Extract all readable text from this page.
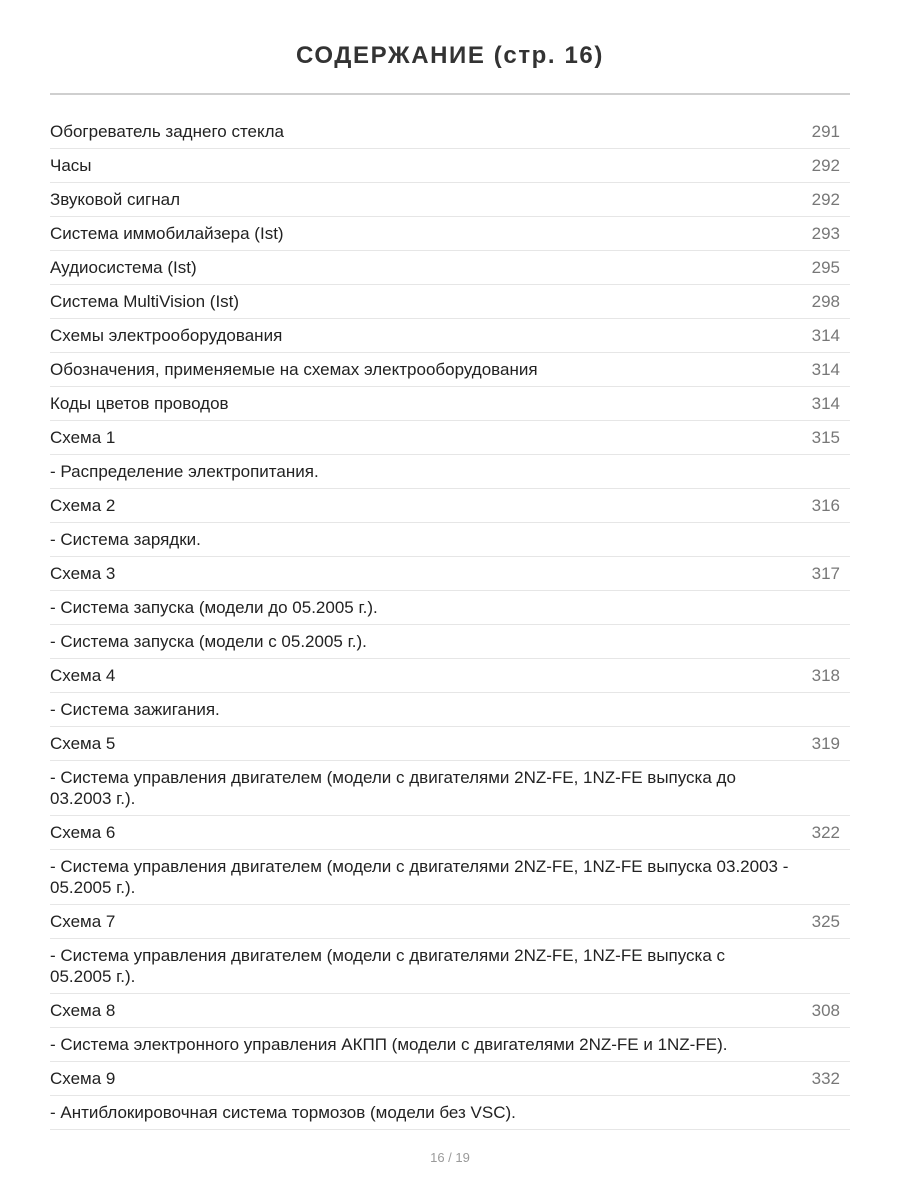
СОДЕРЖАНИЕ (стр. 16)
Обогреватель заднего стекла	291
Часы	292
Звуковой сигнал	292
Система иммобилайзера (Ist)	293
Аудиосистема (Ist)	295
Система MultiVision (Ist)	298
Схемы электрооборудования	314
Обозначения, применяемые на схемах электрооборудования	314
Коды цветов проводов	314
Схема 1	315
- Распределение электропитания.
Схема 2	316
- Система зарядки.
Схема 3	317
- Система запуска (модели до 05.2005 г.).
- Система запуска (модели с 05.2005 г.).
Схема 4	318
- Система зажигания.
Схема 5	319
- Система управления двигателем (модели с двигателями 2NZ-FE, 1NZ-FE выпуска до 03.2003 г.).
Схема 6	322
- Система управления двигателем (модели с двигателями 2NZ-FE, 1NZ-FE выпуска 03.2003 - 05.2005 г.).
Схема 7	325
- Система управления двигателем (модели с двигателями 2NZ-FE, 1NZ-FE выпуска с 05.2005 г.).
Схема 8	308
- Система электронного управления АКПП (модели с двигателями 2NZ-FE и 1NZ-FE).
Схема 9	332
- Антиблокировочная система тормозов (модели без VSC).
16 / 19
